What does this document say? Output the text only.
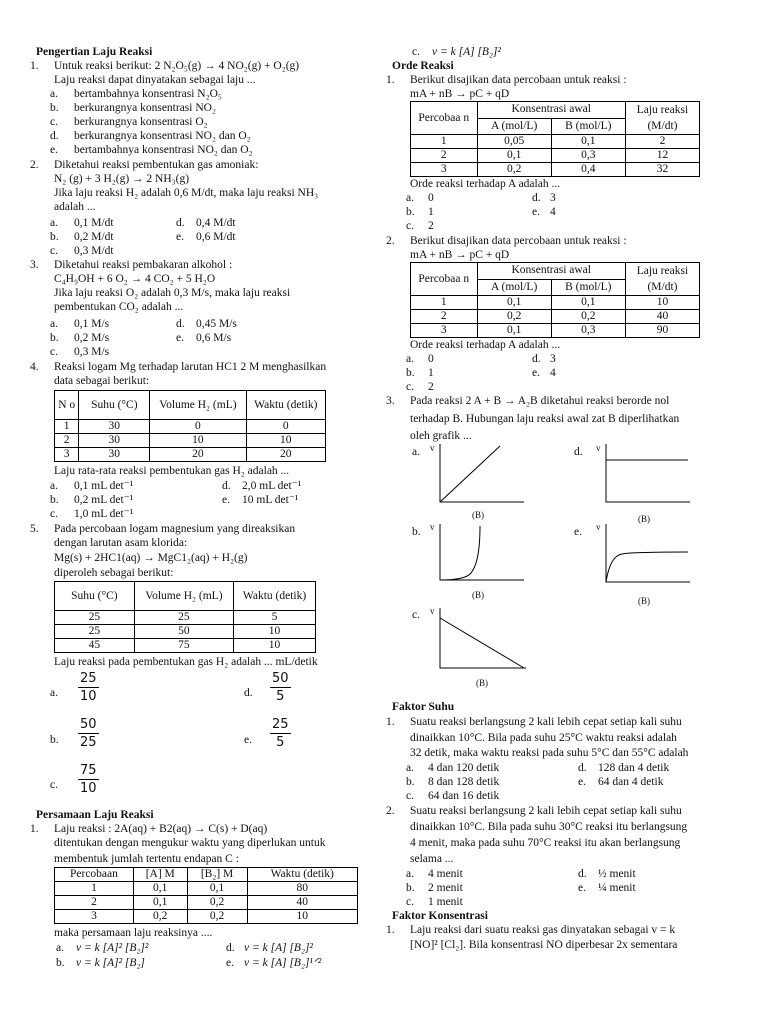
Pengertian Laju Reaksi
1. Untuk reaksi berikut: 2 N₂O₅(g) → 4 NO₂(g) + O₂(g)
Laju reaksi dapat dinyatakan sebagai laju ...
a. bertambahnya konsentrasi N₂O₅
b. berkurangnya konsentrasi NO₂
c. berkurangnya konsentrasi O₂
d. berkurangnya konsentrasi NO₂ dan O₂
e. bertambahnya konsentrasi NO₂ dan O₂
2. Diketahui reaksi pembentukan gas amoniak:
N₂ (g) + 3 H₂(g) → 2 NH₃(g)
Jika laju reaksi H₂ adalah 0,6 M/dt, maka laju reaksi NH₃
adalah ...
a. 0,1 M/dt	d. 0,4 M/dt
b. 0,2 M/dt	e. 0,6 M/dt
c. 0,3 M/dt
3. Diketahui reaksi pembakaran alkohol :
C₄H₉OH + 6 O₂ → 4 CO₂ + 5 H₂O
Jika laju reaksi O₂ adalah 0,3 M/s, maka laju reaksi
pembentukan CO₂ adalah ...
a. 0,1 M/s	d. 0,45 M/s
b. 0,2 M/s	e. 0,6 M/s
c. 0,3 M/s
4. Reaksi logam Mg terhadap larutan HC1 2 M menghasilkan
data sebagai berikut:
N o	Suhu (°C)	Volume H₂ (mL)	Waktu (detik)
1	30	0	0
2	30	10	10
3	30	20	20
Laju rata-rata reaksi pembentukan gas H₂ adalah ...
a. 0,1 mL det⁻¹	d. 2,0 mL det⁻¹
b. 0,2 mL det⁻¹	e. 10 mL det⁻¹
c. 1,0 mL det⁻¹
5. Pada percobaan logam magnesium yang direaksikan
dengan larutan asam klorida:
Mg(s) + 2HC1(aq) → MgC1₂(aq) + H₂(g)
diperoleh sebagai berikut:
Suhu (°C)	Volume H₂ (mL)	Waktu (detik)
25	25	5
25	50	10
45	75	10
Laju reaksi pada pembentukan gas H₂ adalah ... mL/detik
a. $\frac{25}{10}$	d. $\frac{50}{5}$
b. $\frac{50}{25}$	e. $\frac{25}{5}$
c. $\frac{75}{10}$
Persamaan Laju Reaksi
1. Laju reaksi : 2A(aq) + B2(aq) → C(s) + D(aq)
ditentukan dengan mengukur waktu yang diperlukan untuk
membentuk jumlah tertentu endapan C :
Percobaan	[A] M	[B₂] M	Waktu (detik)
1	0,1	0,1	80
2	0,1	0,2	40
3	0,2	0,2	10
maka persamaan laju reaksinya ....
a. v = k [A]² [B₂]²	d. v = k [A] [B₂]²
b. v = k [A]² [B₂]	e. v = k [A] [B₂]¹ᐟ²
c. v = k [A] [B₂]²
Orde Reaksi
1. Berikut disajikan data percobaan untuk reaksi :
mA + nB → pC + qD
Percobaa n	Konsentrasi awal		Laju reaksi (M/dt)
	A (mol/L)	B (mol/L)	
1	0,05	0,1	2
2	0,1	0,3	12
3	0,2	0,4	32
Orde reaksi terhadap A adalah ...
a. 0	d. 3
b. 1	e. 4
c. 2
2. Berikut disajikan data percobaan untuk reaksi :
mA + nB → pC + qD
Percobaa n	Konsentrasi awal		Laju reaksi (M/dt)
	A (mol/L)	B (mol/L)	
1	0,1	0,1	10
2	0,2	0,2	40
3	0,1	0,3	90
Orde reaksi terhadap A adalah ...
a. 0	d. 3
b. 1	e. 4
c. 2
3. Pada reaksi 2 A + B → A₂B diketahui reaksi berorde nol
terhadap B. Hubungan laju reaksi awal zat B diperlihatkan
oleh grafik ...
a. v
(B)
d. v
(B)
b. v
(B)
e. v
(B)
c. v
(B)
Faktor Suhu
1. Suatu reaksi berlangsung 2 kali lebih cepat setiap kali suhu
dinaikkan 10°C. Bila pada suhu 25°C waktu reaksi adalah
32 detik, maka waktu reaksi pada suhu 5°C dan 55°C adalah
a. 4 dan 120 detik	d. 128 dan 4 detik
b. 8 dan 128 detik	e. 64 dan 4 detik
c. 64 dan 16 detik
2. Suatu reaksi berlangsung 2 kali lebih cepat setiap kali suhu
dinaikkan 10°C. Bila pada suhu 30°C reaksi itu berlangsung
4 menit, maka pada suhu 70°C reaksi itu akan berlangsung
selama ...
a. 4 menit	d. ½ menit
b. 2 menit	e. ¼ menit
c. 1 menit
Faktor Konsentrasi
1. Laju reaksi dari suatu reaksi gas dinyatakan sebagai v = k
[NO]² [Cl₂]. Bila konsentrasi NO diperbesar 2x sementara
